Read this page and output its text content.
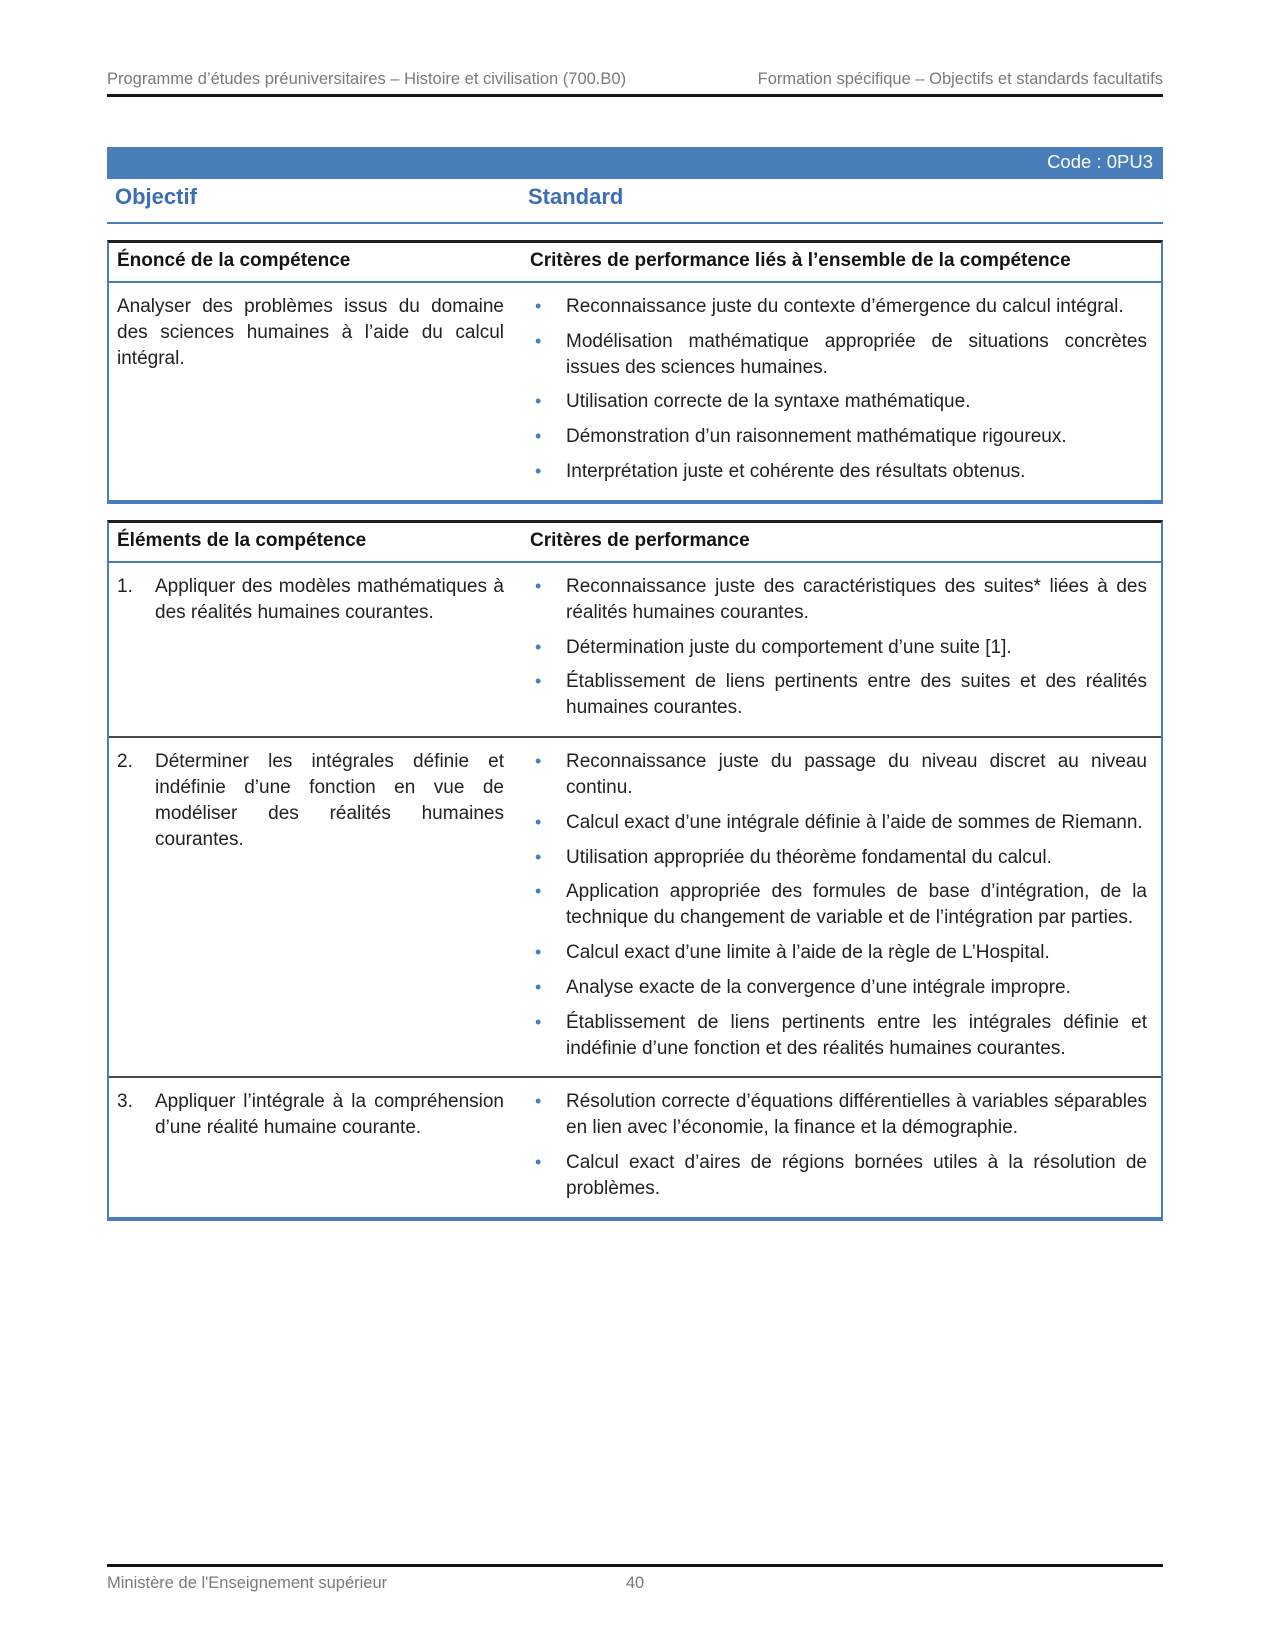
Programme d’études préuniversitaires – Histoire et civilisation (700.B0)	Formation spécifique – Objectifs et standards facultatifs
Code : 0PU3
Objectif	Standard
Énoncé de la compétence	Critères de performance liés à l’ensemble de la compétence
Analyser des problèmes issus du domaine des sciences humaines à l’aide du calcul intégral.
•	Reconnaissance juste du contexte d’émergence du calcul intégral.
•	Modélisation mathématique appropriée de situations concrètes issues des sciences humaines.
•	Utilisation correcte de la syntaxe mathématique.
•	Démonstration d’un raisonnement mathématique rigoureux.
•	Interprétation juste et cohérente des résultats obtenus.
Éléments de la compétence	Critères de performance
1.	Appliquer des modèles mathématiques à des réalités humaines courantes.
•	Reconnaissance juste des caractéristiques des suites* liées à des réalités humaines courantes.
•	Détermination juste du comportement d’une suite [1].
•	Établissement de liens pertinents entre des suites et des réalités humaines courantes.
2.	Déterminer les intégrales définie et indéfinie d’une fonction en vue de modéliser des réalités humaines courantes.
•	Reconnaissance juste du passage du niveau discret au niveau continu.
•	Calcul exact d’une intégrale définie à l’aide de sommes de Riemann.
•	Utilisation appropriée du théorème fondamental du calcul.
•	Application appropriée des formules de base d’intégration, de la technique du changement de variable et de l’intégration par parties.
•	Calcul exact d’une limite à l’aide de la règle de L’Hospital.
•	Analyse exacte de la convergence d’une intégrale impropre.
•	Établissement de liens pertinents entre les intégrales définie et indéfinie d’une fonction et des réalités humaines courantes.
3.	Appliquer l’intégrale à la compréhension d’une réalité humaine courante.
•	Résolution correcte d’équations différentielles à variables séparables en lien avec l’économie, la finance et la démographie.
•	Calcul exact d’aires de régions bornées utiles à la résolution de problèmes.
Ministère de l'Enseignement supérieur	40
